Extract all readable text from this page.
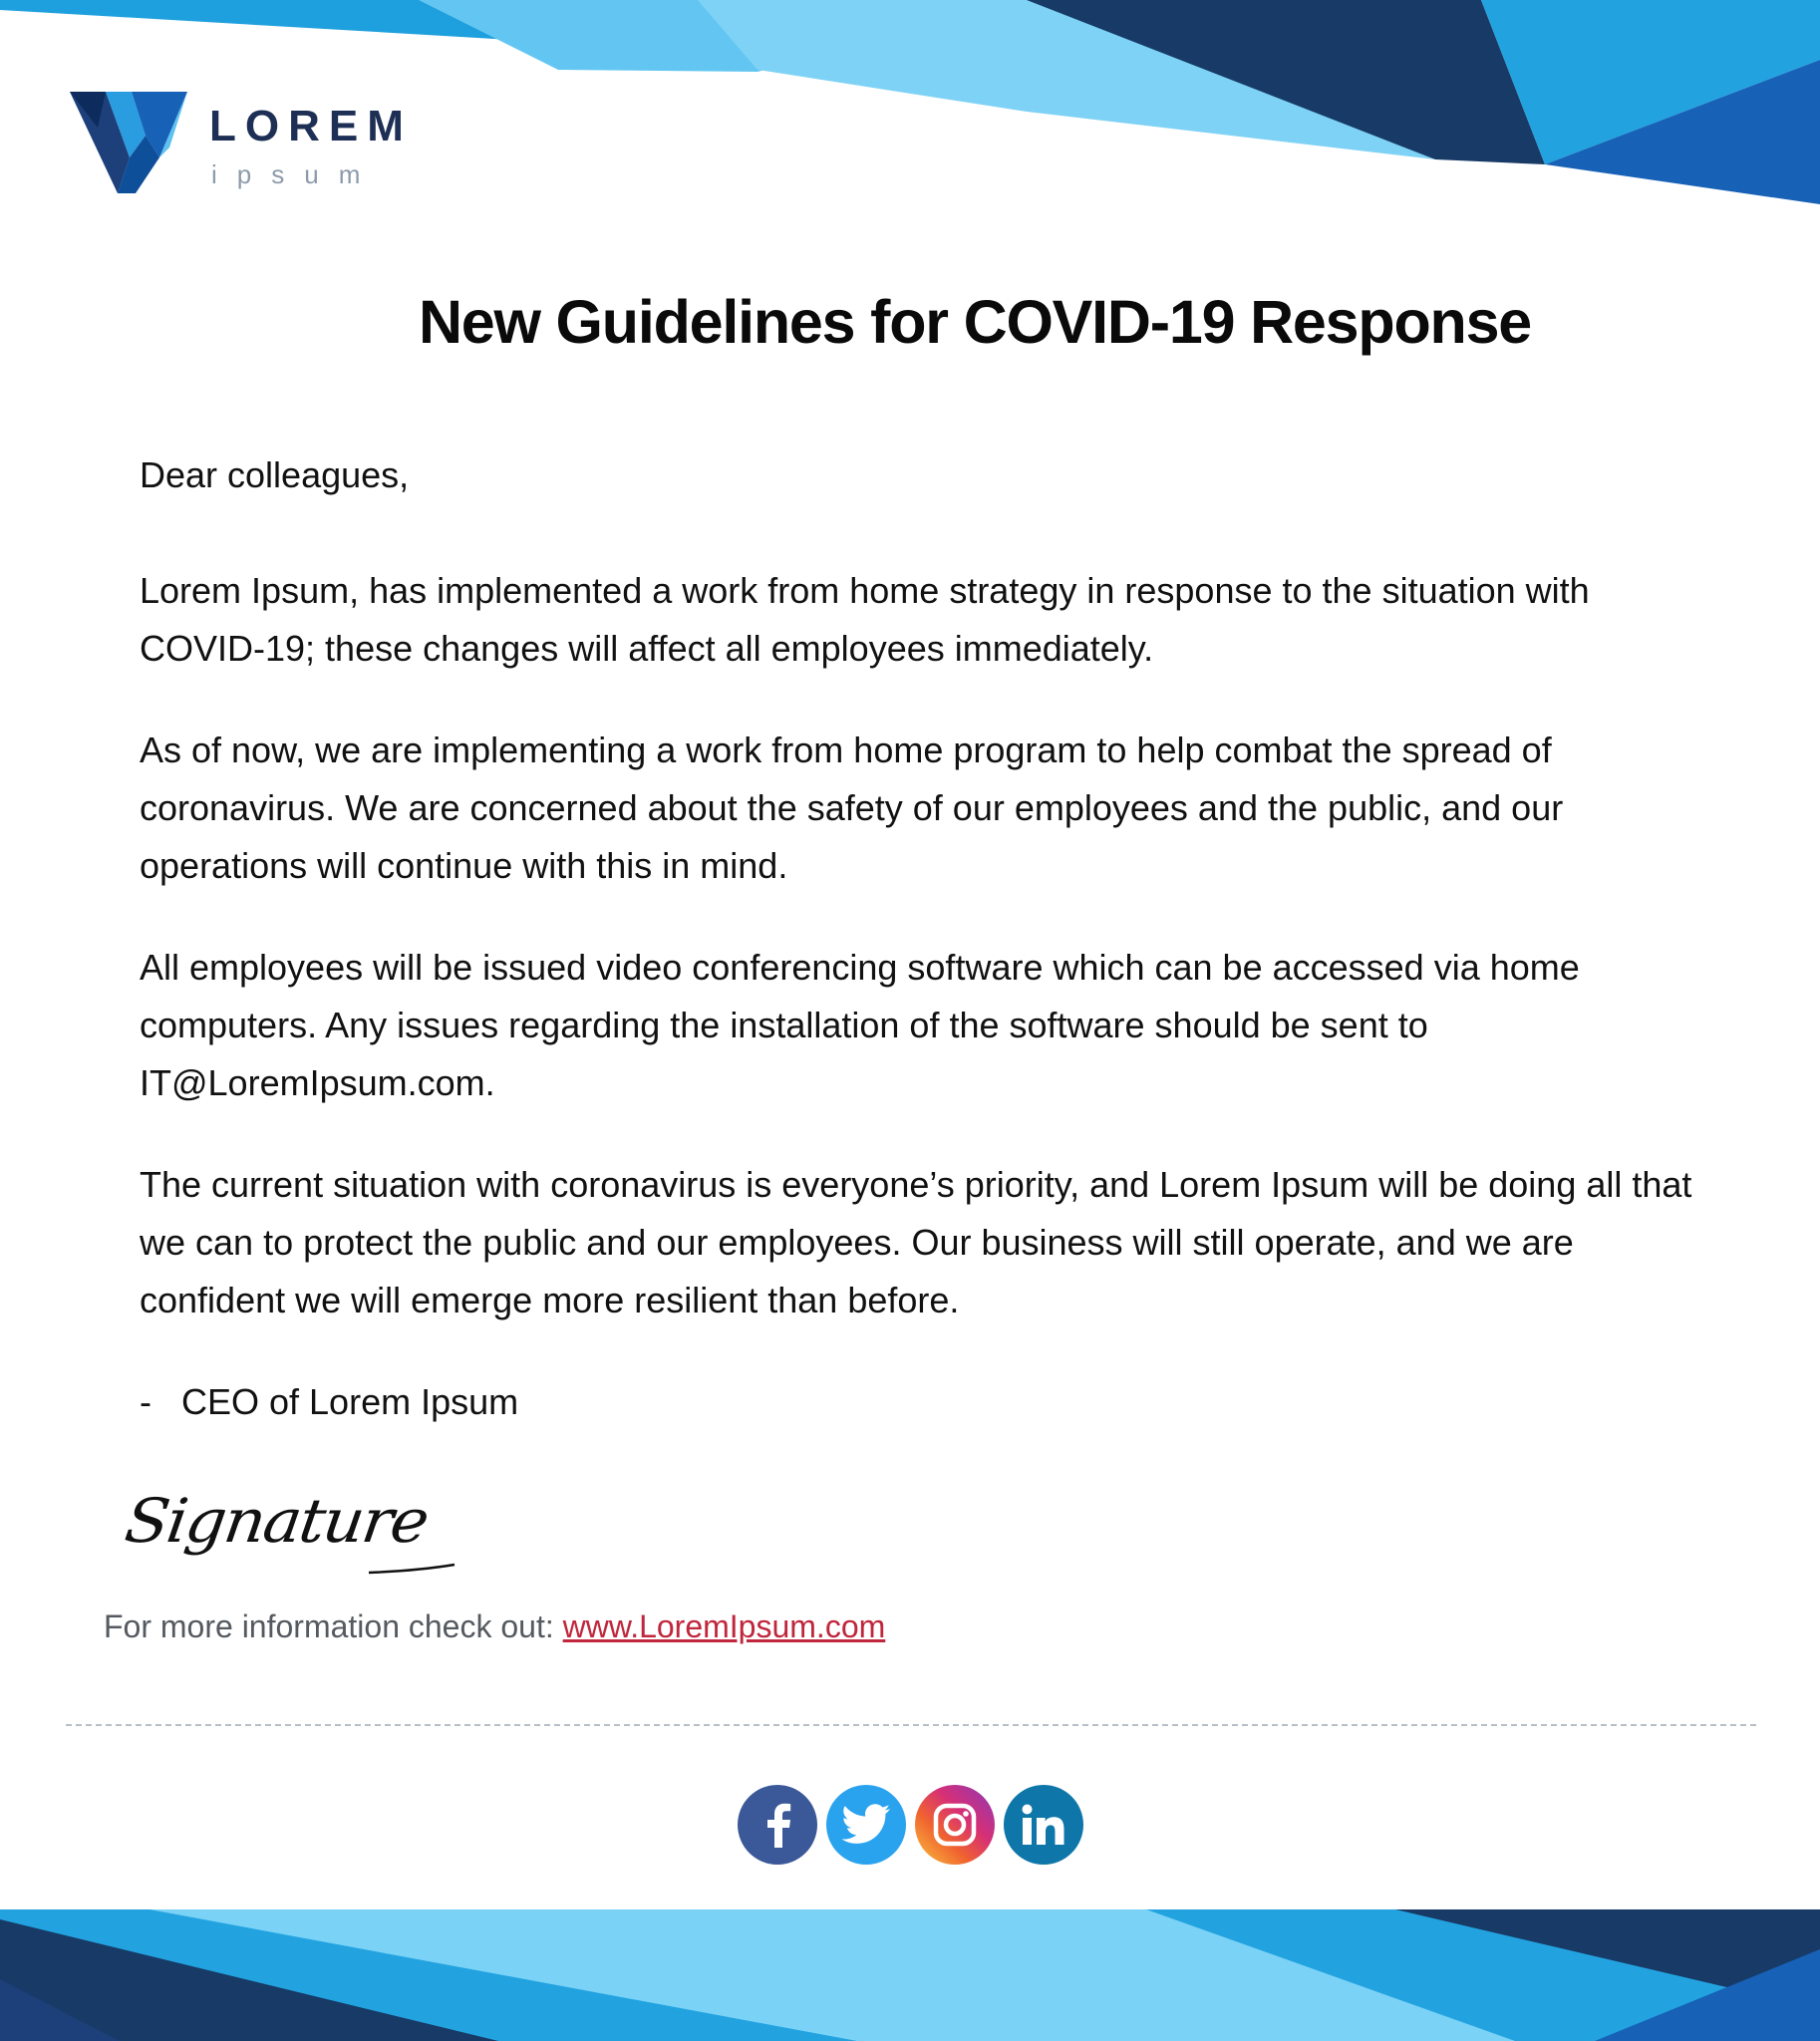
LOREM
ipsum
New Guidelines for COVID-19 Response

Dear colleagues,

Lorem Ipsum, has implemented a work from home strategy in response to the situation with COVID-19; these changes will affect all employees immediately.

As of now, we are implementing a work from home program to help combat the spread of coronavirus. We are concerned about the safety of our employees and the public, and our operations will continue with this in mind.

All employees will be issued video conferencing software which can be accessed via home computers. Any issues regarding the installation of the software should be sent to IT@LoremIpsum.com.

The current situation with coronavirus is everyone’s priority, and Lorem Ipsum will be doing all that we can to protect the public and our employees. Our business will still operate, and we are confident we will emerge more resilient than before.

- CEO of Lorem Ipsum

Signature
For more information check out: www.LoremIpsum.com
